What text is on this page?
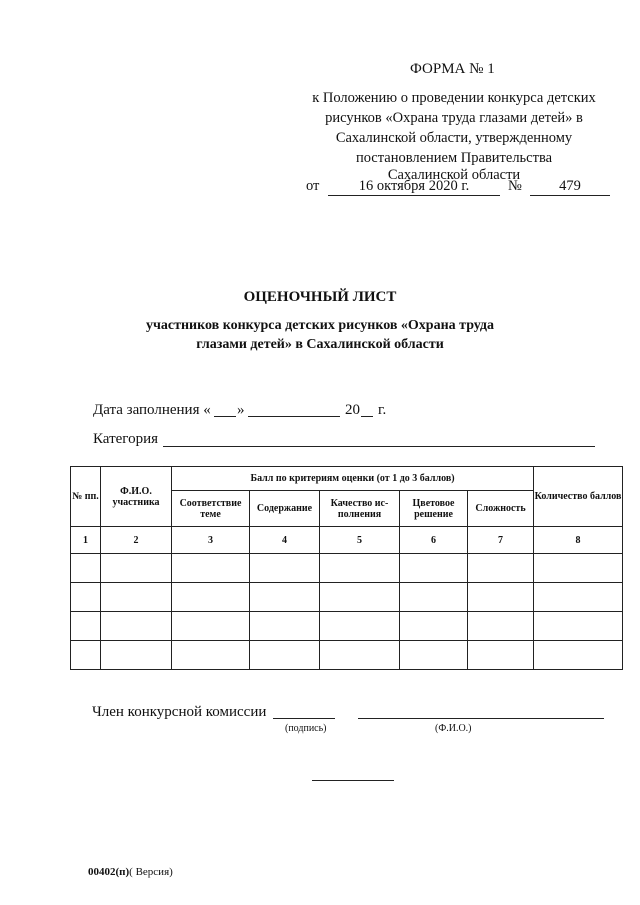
ФОРМА № 1
к Положению о проведении конкурса детских
рисунков «Охрана труда глазами детей» в
Сахалинской области, утвержденному
постановлением Правительства
Сахалинской области
от	16 октября 2020 г.	№	479
ОЦЕНОЧНЫЙ ЛИСТ
участников конкурса детских рисунков «Охрана труда
глазами детей» в Сахалинской области
Дата заполнения « »	20 г.
Категория
№ пп.	Ф.И.О. участника	Балл по критериям оценки (от 1 до 3 баллов)					Количество баллов
		Соответствие теме	Содержание	Качество ис-полнения	Цветовое решение	Сложность	
1	2	3	4	5	6	7	8

Член конкурсной комиссии
(подпись)	(Ф.И.О.)
00402(п)( Версия)
